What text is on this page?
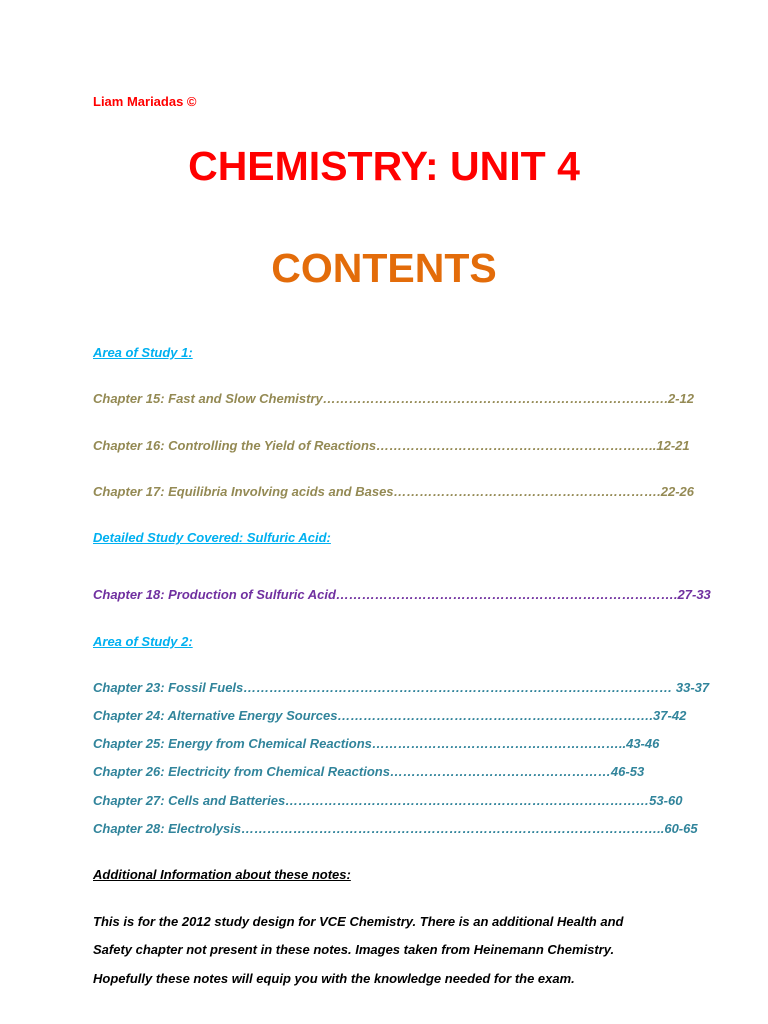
Liam Mariadas ©
CHEMISTRY: UNIT 4
CONTENTS
Area of Study 1:
Chapter 15: Fast and Slow Chemistry………………………………………………………………….….2-12
Chapter 16: Controlling the Yield of Reactions………………………………………………………..12-21
Chapter 17: Equilibria Involving acids and Bases………………………………………….………….22-26
Detailed Study Covered: Sulfuric Acid:
Chapter 18: Production of Sulfuric Acid…………………………………………………………………….27-33
Area of Study 2:
Chapter 23: Fossil Fuels……………………………………………………………………………………… 33-37
Chapter 24: Alternative Energy Sources……………………………………………………………….37-42
Chapter 25: Energy from Chemical Reactions…………………………………………………..43-46
Chapter 26: Electricity from Chemical Reactions……………………………………………46-53
Chapter 27: Cells and Batteries…………………………………………………………………………53-60
Chapter 28: Electrolysis……………………………………………………………………………………..60-65
Additional Information about these notes:
This is for the 2012 study design for VCE Chemistry. There is an additional Health and
Safety chapter not present in these notes. Images taken from Heinemann Chemistry.
Hopefully these notes will equip you with the knowledge needed for the exam.
